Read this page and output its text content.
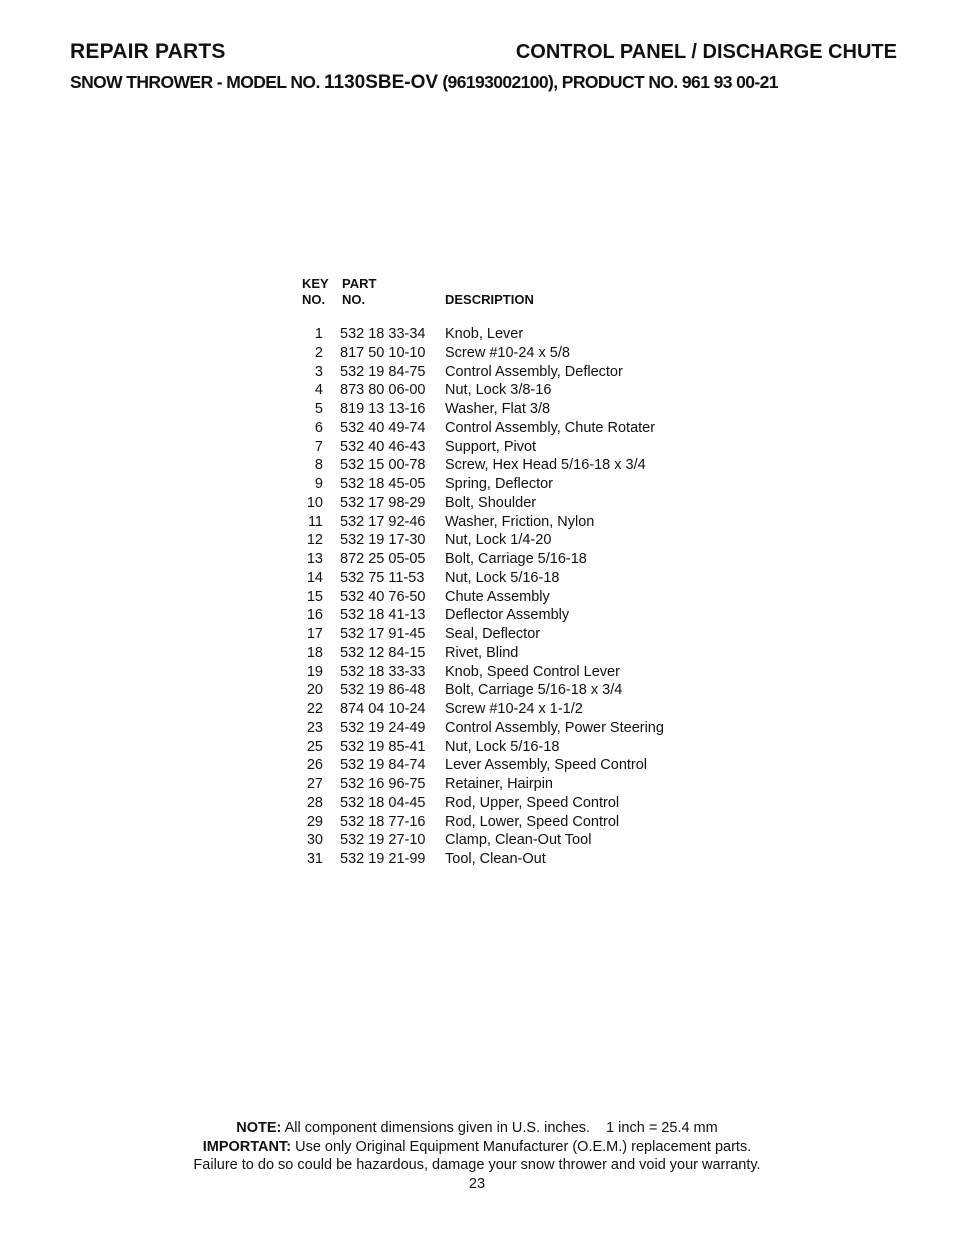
REPAIR PARTS	CONTROL PANEL / DISCHARGE CHUTE
SNOW THROWER - MODEL NO. 1130SBE-OV (96193002100), PRODUCT NO. 961 93 00-21
KEY
NO.
PART
NO.	DESCRIPTION
1 532 18 33-34 Knob, Lever
2 817 50 10-10 Screw #10-24 x 5/8
3 532 19 84-75 Control Assembly, Deflector
4 873 80 06-00 Nut, Lock 3/8-16
5 819 13 13-16 Washer, Flat 3/8
6 532 40 49-74 Control Assembly, Chute Rotater
7 532 40 46-43 Support, Pivot
8 532 15 00-78 Screw, Hex Head 5/16-18 x 3/4
9 532 18 45-05 Spring, Deflector
10 532 17 98-29 Bolt, Shoulder
11 532 17 92-46 Washer, Friction, Nylon
12 532 19 17-30 Nut, Lock 1/4-20
13 872 25 05-05 Bolt, Carriage 5/16-18
14 532 75 11-53 Nut, Lock 5/16-18
15 532 40 76-50 Chute Assembly
16 532 18 41-13 Deflector Assembly
17 532 17 91-45 Seal, Deflector
18 532 12 84-15 Rivet, Blind
19 532 18 33-33 Knob, Speed Control Lever
20 532 19 86-48 Bolt, Carriage 5/16-18 x 3/4
22 874 04 10-24 Screw #10-24 x 1-1/2
23 532 19 24-49 Control Assembly, Power Steering
25 532 19 85-41 Nut, Lock 5/16-18
26 532 19 84-74 Lever Assembly, Speed Control
27 532 16 96-75 Retainer, Hairpin
28 532 18 04-45 Rod, Upper, Speed Control
29 532 18 77-16 Rod, Lower, Speed Control
30 532 19 27-10 Clamp, Clean-Out Tool
31 532 19 21-99 Tool, Clean-Out
NOTE: All component dimensions given in U.S. inches. 1 inch = 25.4 mm
IMPORTANT: Use only Original Equipment Manufacturer (O.E.M.) replacement parts.
Failure to do so could be hazardous, damage your snow thrower and void your warranty.
23
